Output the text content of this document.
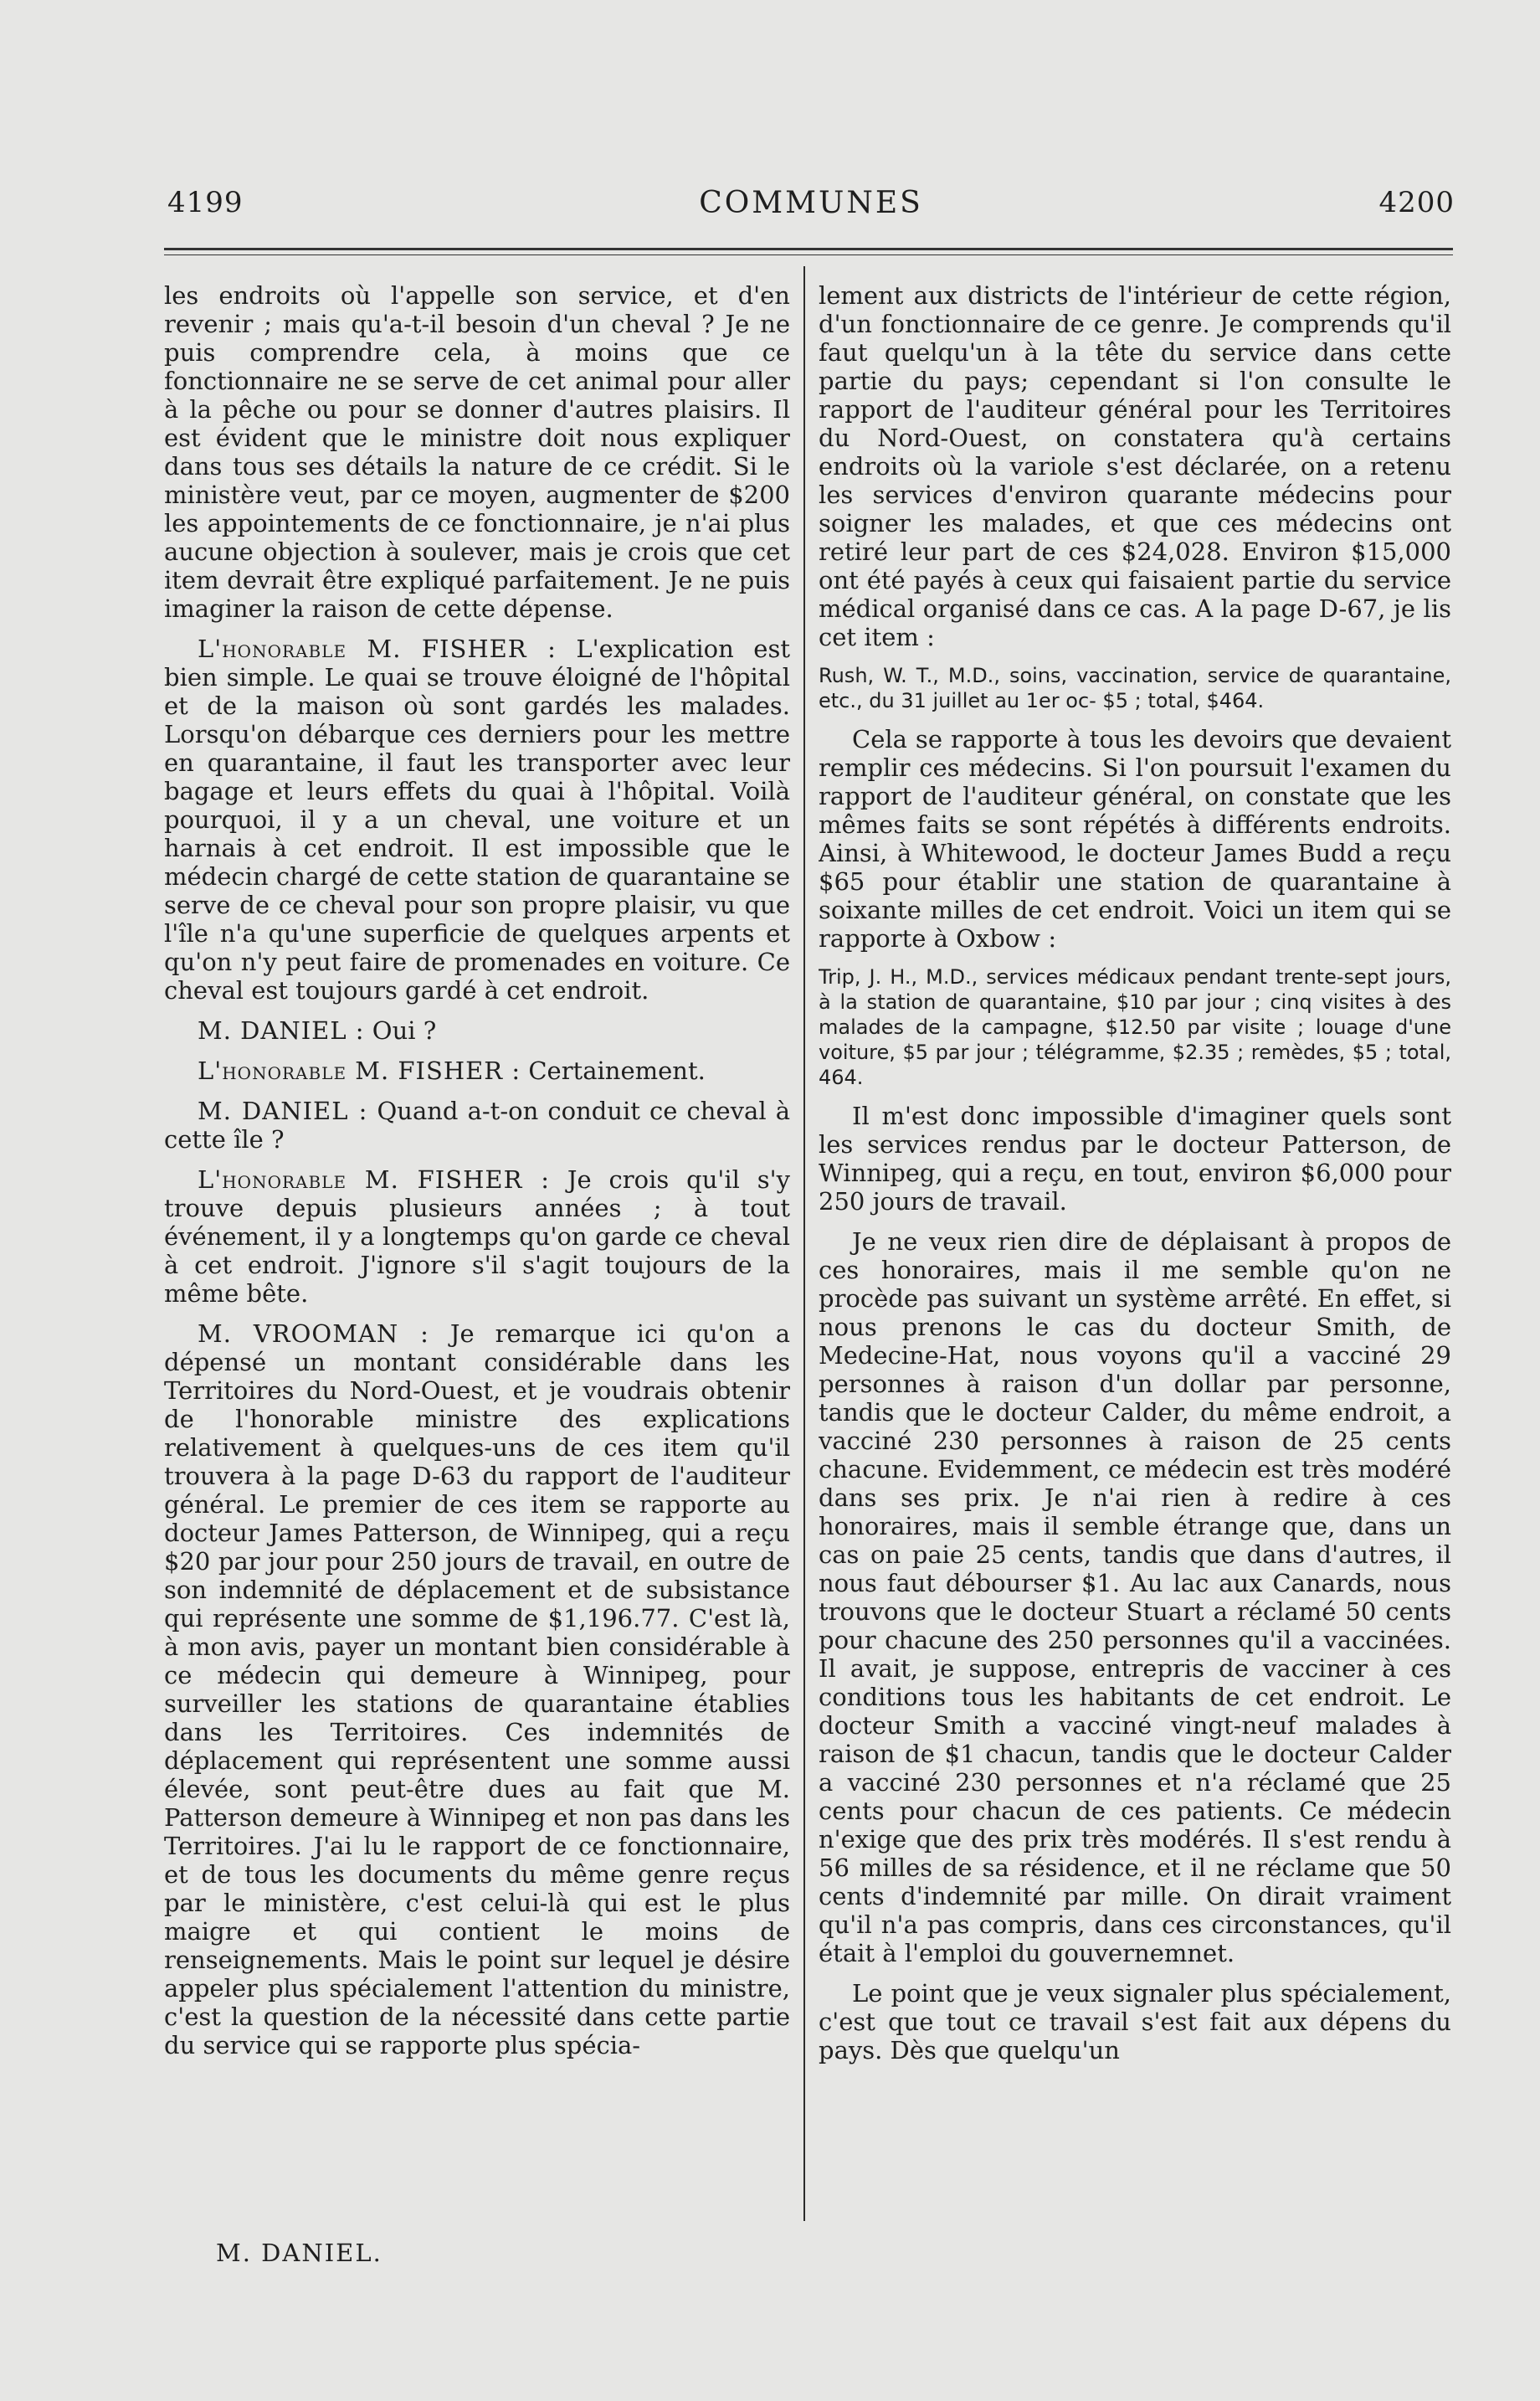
4199	COMMUNES	4200

les endroits où l'appelle son service, et d'en revenir ; mais qu'a-t-il besoin d'un cheval ? Je ne puis comprendre cela, à moins que ce fonctionnaire ne se serve de cet animal pour aller à la pêche ou pour se donner d'autres plaisirs. Il est évident que le ministre doit nous expliquer dans tous ses détails la nature de ce crédit. Si le ministère veut, par ce moyen, augmenter de $200 les appointements de ce fonctionnaire, je n'ai plus aucune objection à soulever, mais je crois que cet item devrait être expliqué parfaitement. Je ne puis imaginer la raison de cette dépense.

L'honorable M. FISHER : L'explication est bien simple. Le quai se trouve éloigné de l'hôpital et de la maison où sont gardés les malades. Lorsqu'on débarque ces derniers pour les mettre en quarantaine, il faut les transporter avec leur bagage et leurs effets du quai à l'hôpital. Voilà pourquoi, il y a un cheval, une voiture et un harnais à cet endroit. Il est impossible que le médecin chargé de cette station de quarantaine se serve de ce cheval pour son propre plaisir, vu que l'île n'a qu'une superficie de quelques arpents et qu'on n'y peut faire de promenades en voiture. Ce cheval est toujours gardé à cet endroit.

M. DANIEL : Oui ?

L'honorable M. FISHER : Certainement.

M. DANIEL : Quand a-t-on conduit ce cheval à cette île ?

L'honorable M. FISHER : Je crois qu'il s'y trouve depuis plusieurs années ; à tout événement, il y a longtemps qu'on garde ce cheval à cet endroit. J'ignore s'il s'agit toujours de la même bête.

M. VROOMAN : Je remarque ici qu'on a dépensé un montant considérable dans les Territoires du Nord-Ouest, et je voudrais obtenir de l'honorable ministre des explications relativement à quelques-uns de ces item qu'il trouvera à la page D-63 du rapport de l'auditeur général. Le premier de ces item se rapporte au docteur James Patterson, de Winnipeg, qui a reçu $20 par jour pour 250 jours de travail, en outre de son indemnité de déplacement et de subsistance qui représente une somme de $1,196.77. C'est là, à mon avis, payer un montant bien considérable à ce médecin qui demeure à Winnipeg, pour surveiller les stations de quarantaine établies dans les Territoires. Ces indemnités de déplacement qui représentent une somme aussi élevée, sont peut-être dues au fait que M. Patterson demeure à Winnipeg et non pas dans les Territoires. J'ai lu le rapport de ce fonctionnaire, et de tous les documents du même genre reçus par le ministère, c'est celui-là qui est le plus maigre et qui contient le moins de renseignements. Mais le point sur lequel je désire appeler plus spécialement l'attention du ministre, c'est la question de la nécessité dans cette partie du service qui se rapporte plus spécia-

lement aux districts de l'intérieur de cette région, d'un fonctionnaire de ce genre. Je comprends qu'il faut quelqu'un à la tête du service dans cette partie du pays; cependant si l'on consulte le rapport de l'auditeur général pour les Territoires du Nord-Ouest, on constatera qu'à certains endroits où la variole s'est déclarée, on a retenu les services d'environ quarante médecins pour soigner les malades, et que ces médecins ont retiré leur part de ces $24,028. Environ $15,000 ont été payés à ceux qui faisaient partie du service médical organisé dans ce cas. A la page D-67, je lis cet item :

Rush, W. T., M.D., soins, vaccination, service de quarantaine, etc., du 31 juillet au 1er oc- $5 ; total, $464.

Cela se rapporte à tous les devoirs que devaient remplir ces médecins. Si l'on poursuit l'examen du rapport de l'auditeur général, on constate que les mêmes faits se sont répétés à différents endroits. Ainsi, à Whitewood, le docteur James Budd a reçu $65 pour établir une station de quarantaine à soixante milles de cet endroit. Voici un item qui se rapporte à Oxbow :

Trip, J. H., M.D., services médicaux pendant trente-sept jours, à la station de quarantaine, $10 par jour ; cinq visites à des malades de la campagne, $12.50 par visite ; louage d'une voiture, $5 par jour ; télégramme, $2.35 ; remèdes, $5 ; total, 464.

Il m'est donc impossible d'imaginer quels sont les services rendus par le docteur Patterson, de Winnipeg, qui a reçu, en tout, environ $6,000 pour 250 jours de travail.

Je ne veux rien dire de déplaisant à propos de ces honoraires, mais il me semble qu'on ne procède pas suivant un système arrêté. En effet, si nous prenons le cas du docteur Smith, de Medecine-Hat, nous voyons qu'il a vacciné 29 personnes à raison d'un dollar par personne, tandis que le docteur Calder, du même endroit, a vacciné 230 personnes à raison de 25 cents chacune. Evidemment, ce médecin est très modéré dans ses prix. Je n'ai rien à redire à ces honoraires, mais il semble étrange que, dans un cas on paie 25 cents, tandis que dans d'autres, il nous faut débourser $1. Au lac aux Canards, nous trouvons que le docteur Stuart a réclamé 50 cents pour chacune des 250 personnes qu'il a vaccinées. Il avait, je suppose, entrepris de vacciner à ces conditions tous les habitants de cet endroit. Le docteur Smith a vacciné vingt-neuf malades à raison de $1 chacun, tandis que le docteur Calder a vacciné 230 personnes et n'a réclamé que 25 cents pour chacun de ces patients. Ce médecin n'exige que des prix très modérés. Il s'est rendu à 56 milles de sa résidence, et il ne réclame que 50 cents d'indemnité par mille. On dirait vraiment qu'il n'a pas compris, dans ces circonstances, qu'il était à l'emploi du gouvernemnet.

Le point que je veux signaler plus spécialement, c'est que tout ce travail s'est fait aux dépens du pays. Dès que quelqu'un

M. DANIEL.
